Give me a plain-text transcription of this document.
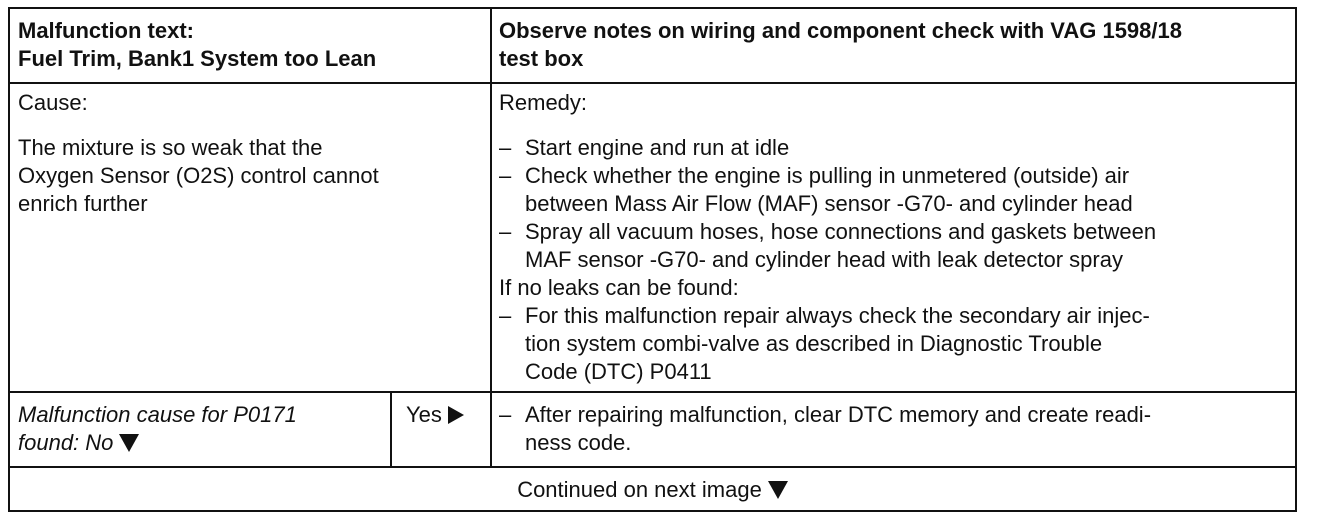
Malfunction text:
Fuel Trim, Bank1 System too Lean
Observe notes on wiring and component check with VAG 1598/18
test box
Cause:
The mixture is so weak that the
Oxygen Sensor (O2S) control cannot
enrich further
Remedy:
– Start engine and run at idle
– Check whether the engine is pulling in unmetered (outside) air
between Mass Air Flow (MAF) sensor -G70- and cylinder head
– Spray all vacuum hoses, hose connections and gaskets between
MAF sensor -G70- and cylinder head with leak detector spray
If no leaks can be found:
– For this malfunction repair always check the secondary air injec-
tion system combi-valve as described in Diagnostic Trouble
Code (DTC) P0411
Malfunction cause for P0171
found: No
Yes	– After repairing malfunction, clear DTC memory and create readi-
ness code.
Continued on next image
